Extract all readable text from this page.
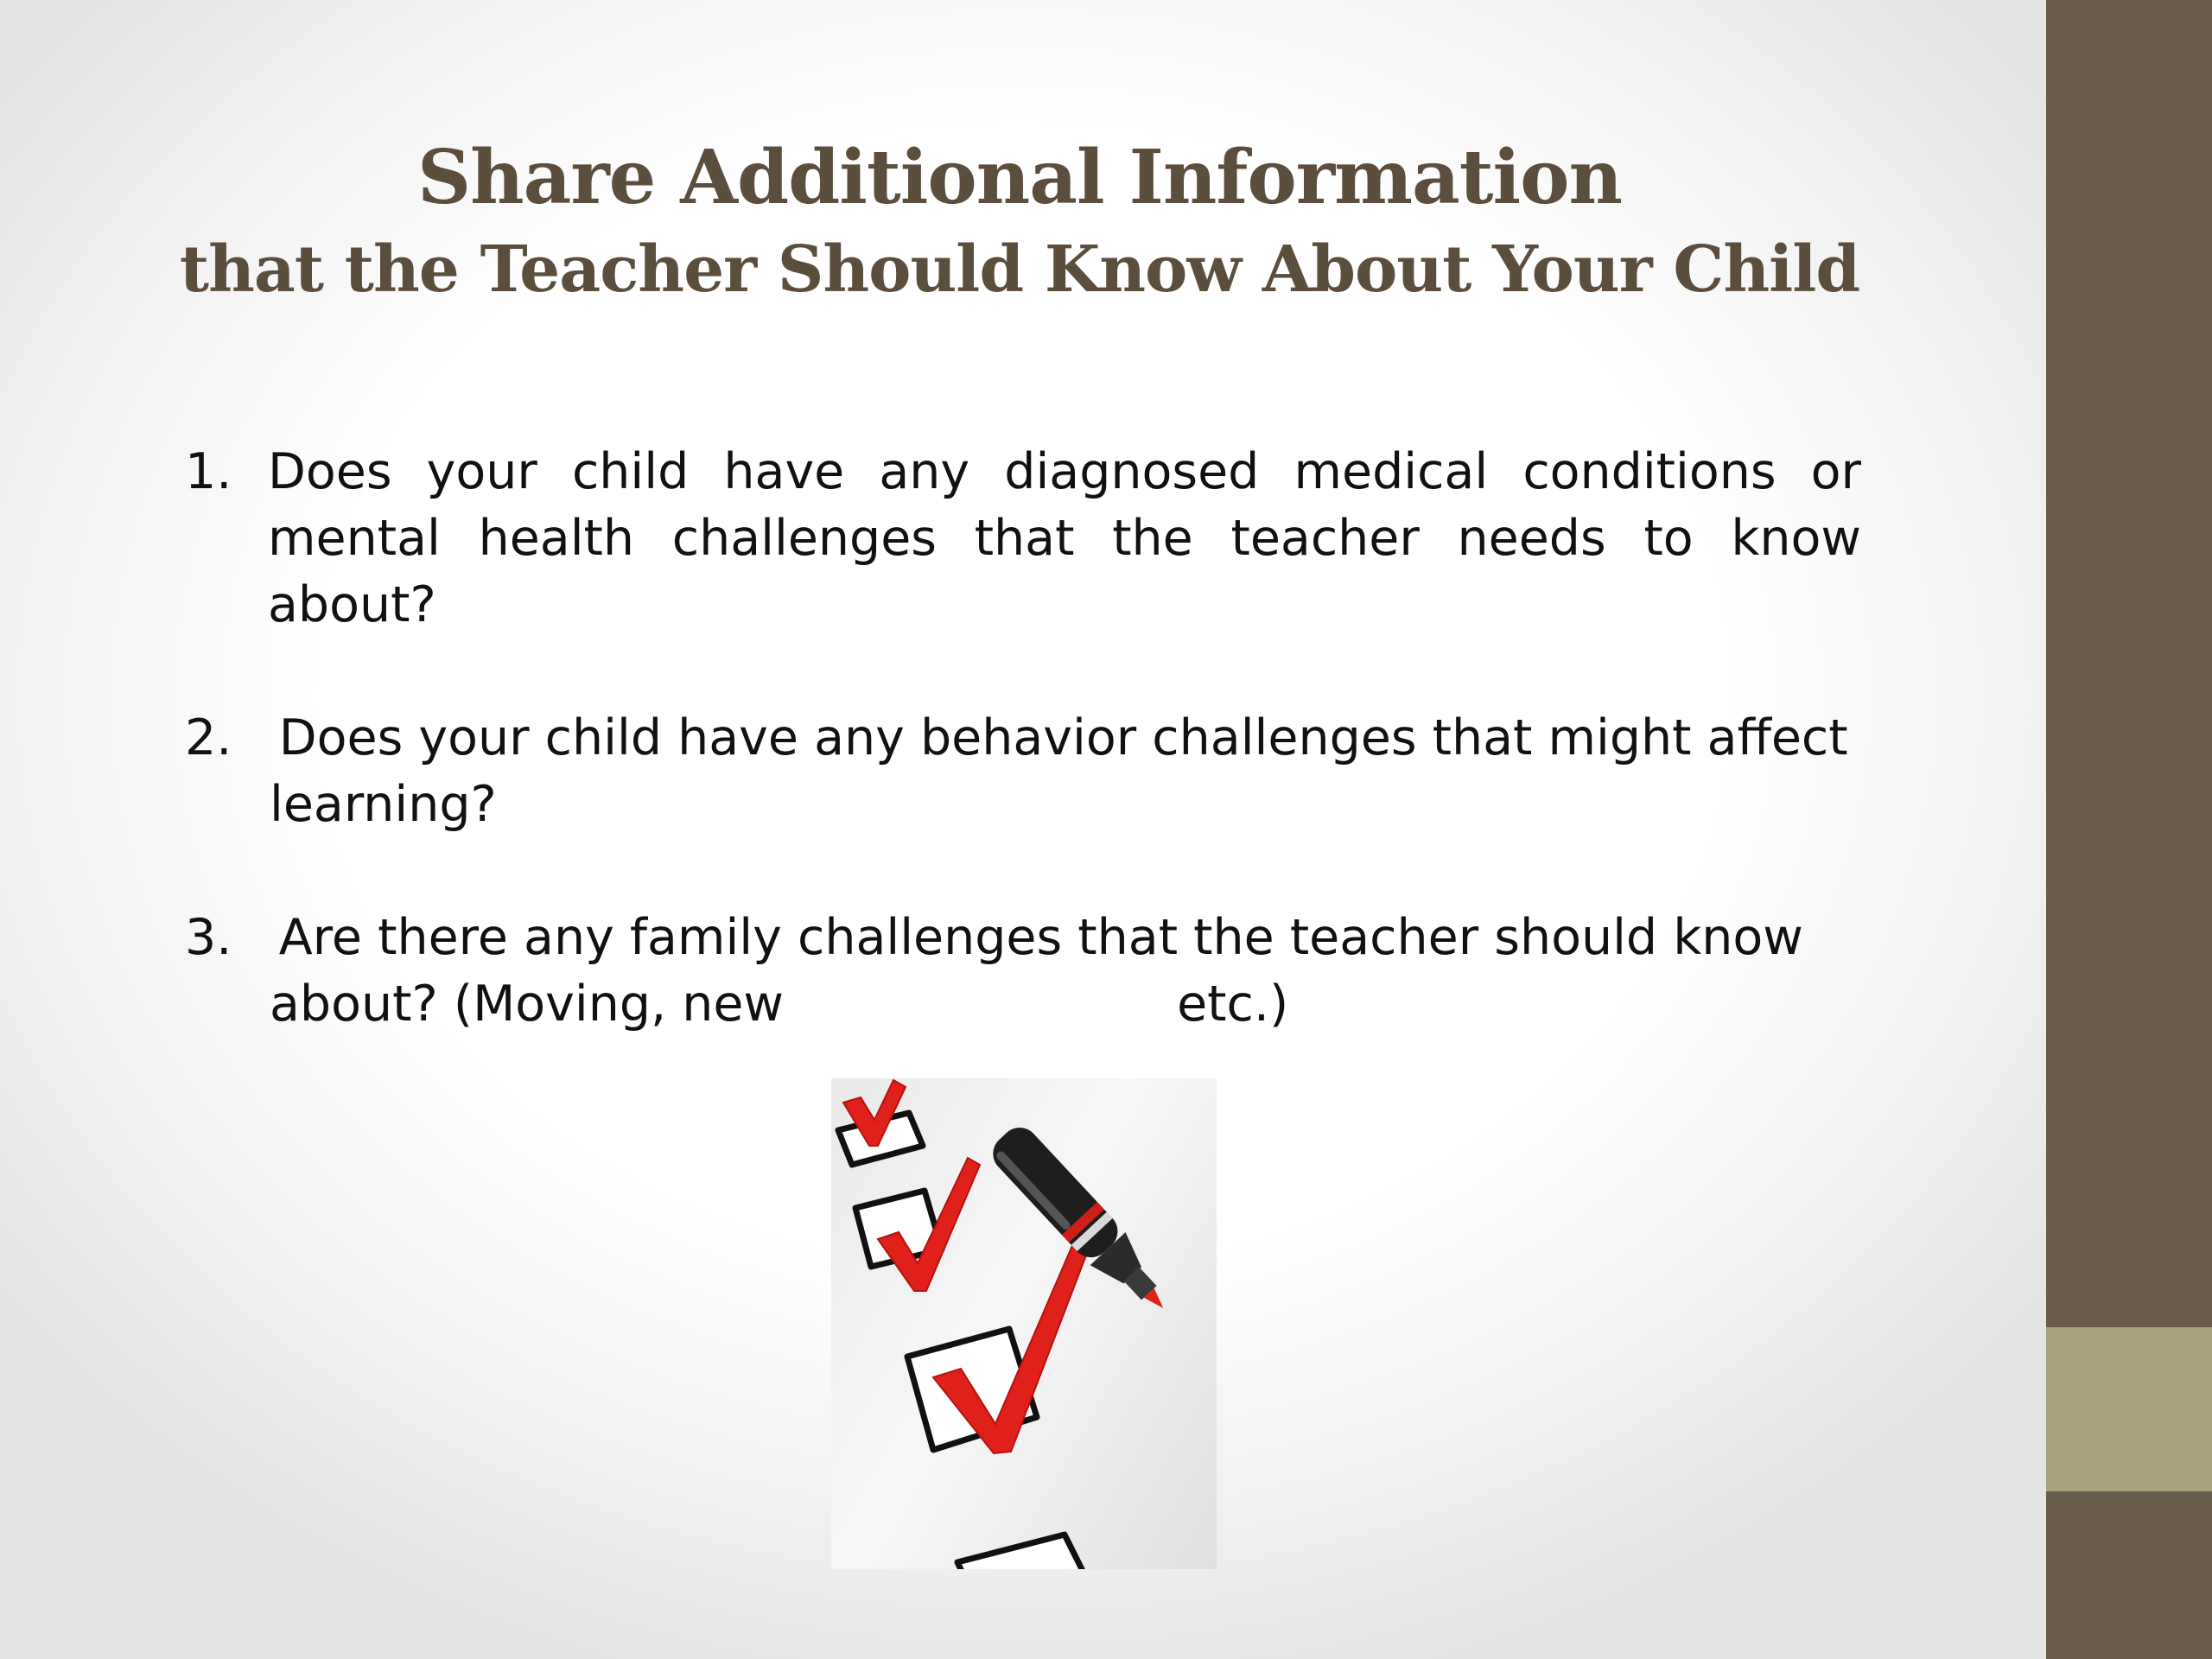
Share Additional Information
that the Teacher Should Know About Your Child

1. Does your child have any diagnosed medical conditions or mental health challenges that the teacher needs to know about?

2. Does your child have any behavior challenges that might affect
learning?

3. Are there any family challenges that the teacher should know
about? (Moving, new	etc.)
